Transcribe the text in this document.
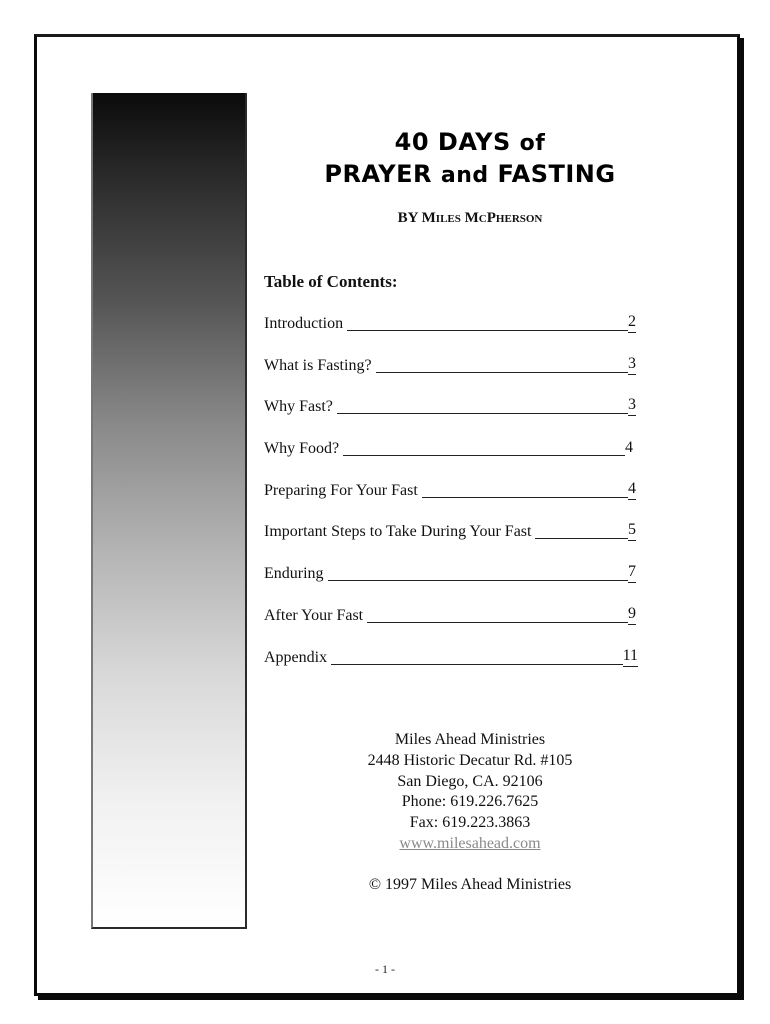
40 DAYS of
PRAYER and FASTING
BY MILES MCPHERSON
Table of Contents:
Introduction	2
What is Fasting?	3
Why Fast?	3
Why Food?	4
Preparing For Your Fast	4
Important Steps to Take During Your Fast	5
Enduring	7
After Your Fast	9
Appendix	11
Miles Ahead Ministries
2448 Historic Decatur Rd. #105
San Diego, CA. 92106
Phone: 619.226.7625
Fax: 619.223.3863
www.milesahead.com
© 1997 Miles Ahead Ministries
- 1 -
